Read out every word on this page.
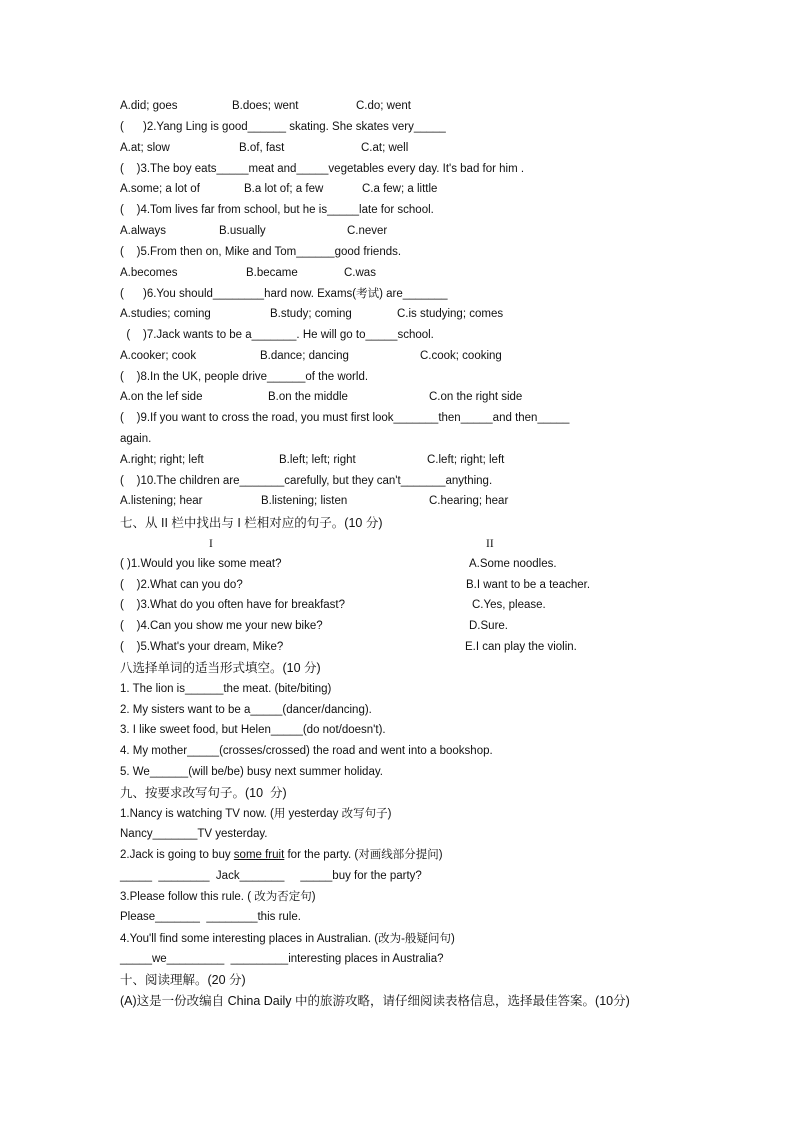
A.did; goes	B.does; went	C.do; went
(      )2.Yang Ling is good______ skating. She skates very_____
A.at; slow	B.of, fast	C.at; well
(    )3.The boy eats_____meat and_____vegetables every day. It's bad for him .
A.some; a lot of	B.a lot of; a few	C.a few; a little
(    )4.Tom lives far from school, but he is_____late for school.
A.always	B.usually	C.never
(    )5.From then on, Mike and Tom______good friends.
A.becomes	B.became	C.was
(      )6.You should________hard now. Exams(考试) are_______
A.studies; coming	B.study; coming	C.is studying; comes
(    )7.Jack wants to be a_______. He will go to_____school.
A.cooker; cook	B.dance; dancing	C.cook; cooking
(    )8.In the UK, people drive______of the world.
A.on the lef side	B.on the middle	C.on the right side
(    )9.If you want to cross the road, you must first look_______then_____and then_____
again.
A.right; right; left	B.left; left; right	C.left; right; left
(    )10.The children are_______carefully, but they can't_______anything.
A.listening; hear	B.listening; listen	C.hearing; hear
七、从 II 栏中找出与 I 栏相对应的句子。(10 分)
I	II
( )1.Would you like some meat?	A.Some noodles.
(    )2.What can you do?	B.I want to be a teacher.
(    )3.What do you often have for breakfast?	C.Yes, please.
(    )4.Can you show me your new bike?	D.Sure.
(    )5.What's your dream, Mike?	E.I can play the violin.
八选择单词的适当形式填空。(10 分)
1. The lion is______the meat. (bite/biting)
2. My sisters want to be a_____(dancer/dancing).
3. I like sweet food, but Helen_____(do not/doesn't).
4. My mother_____(crosses/crossed) the road and went into a bookshop.
5. We______(will be/be) busy next summer holiday.
九、按要求改写句子。(10  分)
1.Nancy is watching TV now. (用 yesterday 改写句子)
Nancy_______TV yesterday.
2.Jack is going to buy some fruit for the party. (对画线部分提问)
_____  ________  Jack_______     _____buy for the party?
3.Please follow this rule. ( 改为否定句)
Please_______  ________this rule.
4.You'll find some interesting places in Australian. (改为-般疑问句)
_____we_________  _________interesting places in Australia?
十、阅读理解。(20 分)
(A)这是一份改编自 China Daily 中的旅游攻略，请仔细阅读表格信息，选择最佳答案。(10分)
